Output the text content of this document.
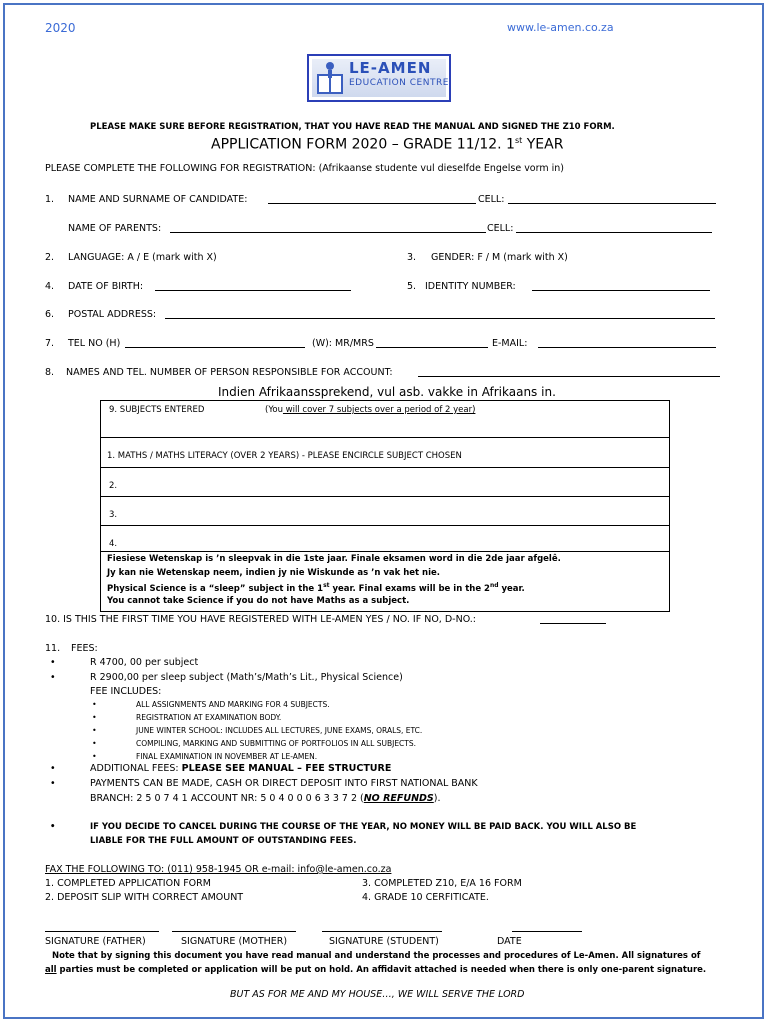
2020	www.le-amen.co.za
LE-AMEN
EDUCATION CENTRE
PLEASE MAKE SURE BEFORE REGISTRATION, THAT YOU HAVE READ THE MANUAL AND SIGNED THE Z10 FORM.
APPLICATION FORM 2020 – GRADE 11/12. 1st YEAR
PLEASE COMPLETE THE FOLLOWING FOR REGISTRATION: (Afrikaanse studente vul dieselfde Engelse vorm in)
1. NAME AND SURNAME OF CANDIDATE:	CELL:
NAME OF PARENTS:	CELL:
2. LANGUAGE: A / E (mark with X)	3. GENDER: F / M (mark with X)
4. DATE OF BIRTH:	5. IDENTITY NUMBER:
6. POSTAL ADDRESS:
7. TEL NO (H)	(W): MR/MRS	E-MAIL:
8. NAMES AND TEL. NUMBER OF PERSON RESPONSIBLE FOR ACCOUNT:
Indien Afrikaanssprekend, vul asb. vakke in Afrikaans in.
9. SUBJECTS ENTERED	(You will cover 7 subjects over a period of 2 year)
1. MATHS / MATHS LITERACY (OVER 2 YEARS) - PLEASE ENCIRCLE SUBJECT CHOSEN
2.
3.
4.
Fiesiese Wetenskap is ’n sleepvak in die 1ste jaar. Finale eksamen word in die 2de jaar afgelê.
Jy kan nie Wetenskap neem, indien jy nie Wiskunde as ’n vak het nie.
Physical Science is a “sleep” subject in the 1st year. Final exams will be in the 2nd year.
You cannot take Science if you do not have Maths as a subject.
10. IS THIS THE FIRST TIME YOU HAVE REGISTERED WITH LE-AMEN YES / NO. IF NO, D-NO.:
11. FEES:
• R 4700, 00 per subject
• R 2900,00 per sleep subject (Math’s/Math’s Lit., Physical Science)
FEE INCLUDES:
• ALL ASSIGNMENTS AND MARKING FOR 4 SUBJECTS.
• REGISTRATION AT EXAMINATION BODY.
• JUNE WINTER SCHOOL: INCLUDES ALL LECTURES, JUNE EXAMS, ORALS, ETC.
• COMPILING, MARKING AND SUBMITTING OF PORTFOLIOS IN ALL SUBJECTS.
• FINAL EXAMINATION IN NOVEMBER AT LE-AMEN.
• ADDITIONAL FEES: PLEASE SEE MANUAL – FEE STRUCTURE
• PAYMENTS CAN BE MADE, CASH OR DIRECT DEPOSIT INTO FIRST NATIONAL BANK
BRANCH: 2 5 0 7 4 1 ACCOUNT NR: 5 0 4 0 0 0 6 3 3 7 2 (NO REFUNDS).
• IF YOU DECIDE TO CANCEL DURING THE COURSE OF THE YEAR, NO MONEY WILL BE PAID BACK. YOU WILL ALSO BE
LIABLE FOR THE FULL AMOUNT OF OUTSTANDING FEES.
FAX THE FOLLOWING TO: (011) 958-1945 OR e-mail: info@le-amen.co.za
1. COMPLETED APPLICATION FORM
2. DEPOSIT SLIP WITH CORRECT AMOUNT
3. COMPLETED Z10, E/A 16 FORM
4. GRADE 10 CERFITICATE.
SIGNATURE (FATHER)	SIGNATURE (MOTHER)	SIGNATURE (STUDENT)	DATE
Note that by signing this document you have read manual and understand the processes and procedures of Le-Amen. All signatures of
all parties must be completed or application will be put on hold. An affidavit attached is needed when there is only one-parent signature.
BUT AS FOR ME AND MY HOUSE…, WE WILL SERVE THE LORD
